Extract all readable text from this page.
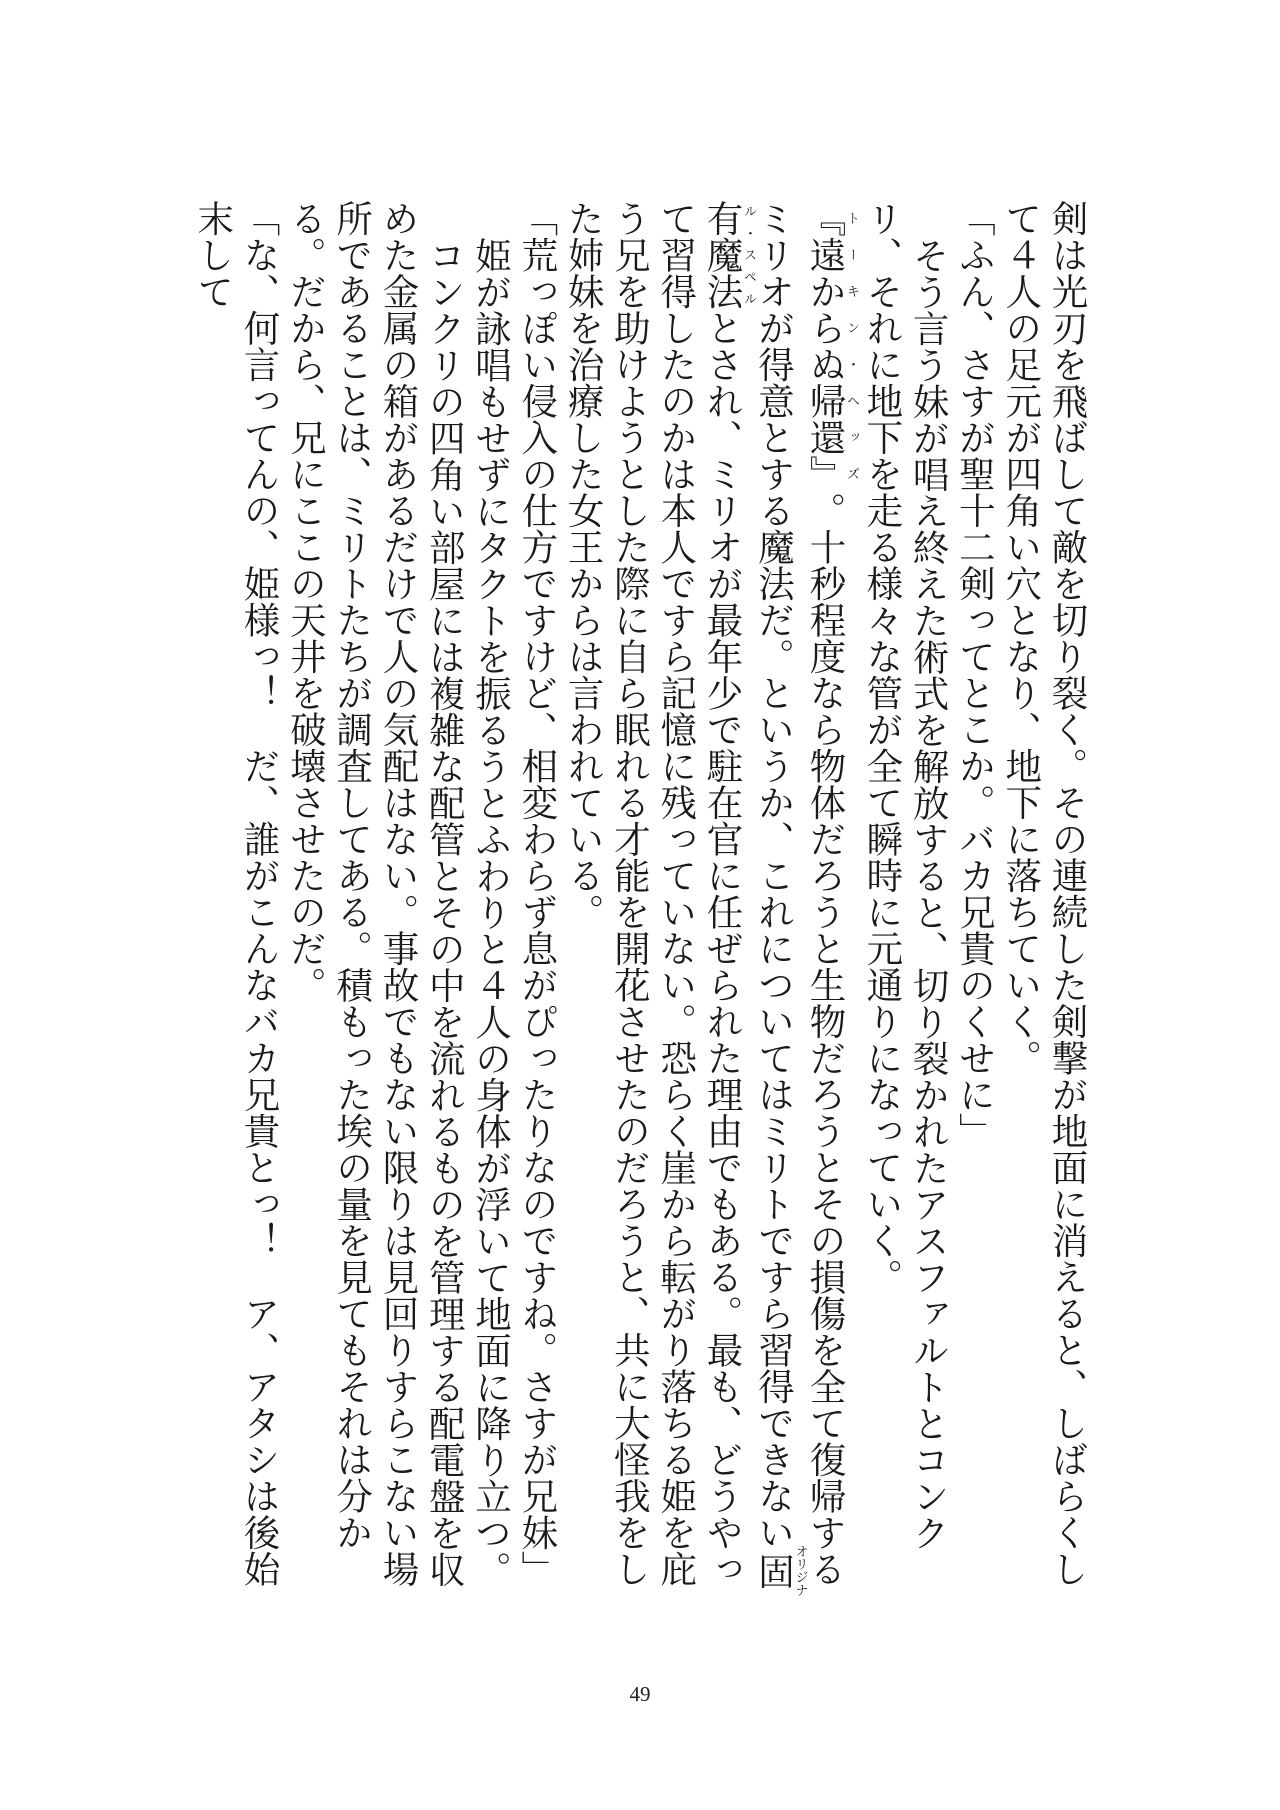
剣は光刃を飛ばして敵を切り裂く。その連続した剣撃が地面に消えると、しばらくして４人の足元が四角い穴となり、地下に落ちていく。

「ふん、さすが聖十二剣ってとこか。バカ兄貴のくせに」

そう言う妹が唱え終えた術式を解放すると、切り裂かれたアスファルトとコンクリ、それに地下を走る様々な管が全て瞬時に元通りになっていく。

『遠からぬ帰還』トーキン・ヘッズ。十秒程度なら物体だろうと生物だろうとその損傷を全て復帰するミリオが得意とする魔法だ。というか、これについてはミリトですら習得できない固有魔法オリジナル・スペルとされ、ミリオが最年少で駐在官に任ぜられた理由でもある。最も、どうやって習得したのかは本人ですら記憶に残っていない。恐らく崖から転がり落ちる姫を庇う兄を助けようとした際に自ら眠れる才能を開花させたのだろうと、共に大怪我をした姉妹を治療した女王からは言われている。

「荒っぽい侵入の仕方ですけど、相変わらず息がぴったりなのですね。さすが兄妹」

姫が詠唱もせずにタクトを振るうとふわりと４人の身体が浮いて地面に降り立つ。

コンクリの四角い部屋には複雑な配管とその中を流れるものを管理する配電盤を収めた金属の箱があるだけで人の気配はない。事故でもない限りは見回りすらこない場所であることは、ミリトたちが調査してある。積もった埃の量を見てもそれは分かる。だから、兄にここの天井を破壊させたのだ。

「な、何言ってんの、姫様っ！　だ、誰がこんなバカ兄貴とっ！　ア、アタシは後始末して

49
